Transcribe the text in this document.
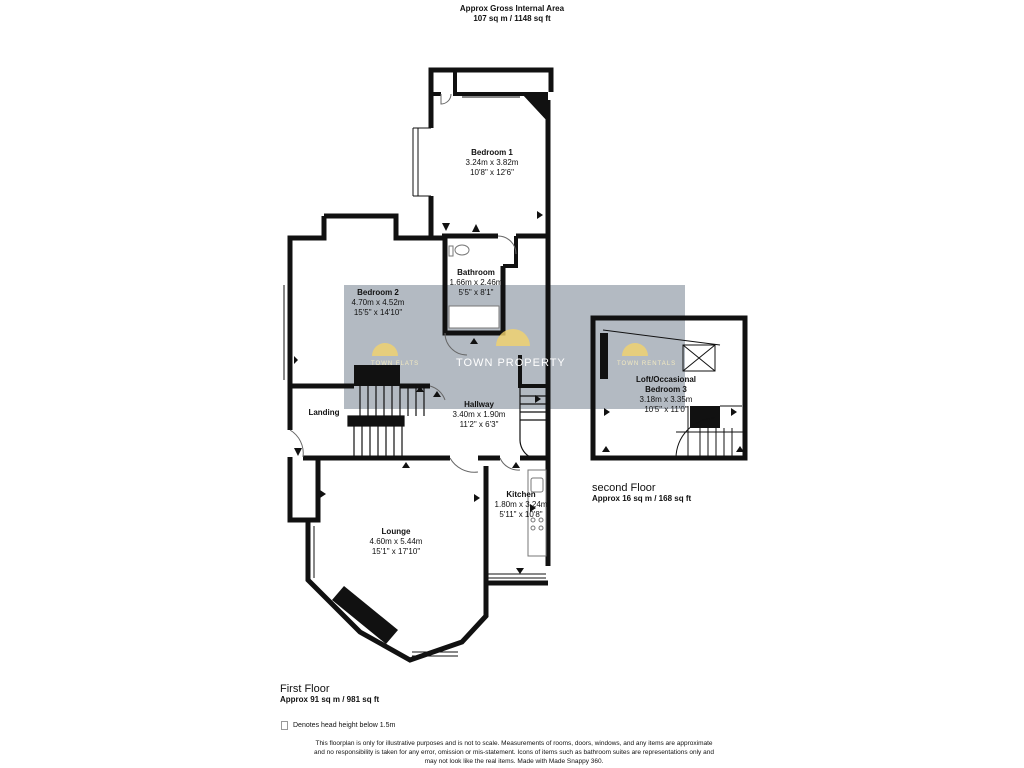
Approx Gross Internal Area
107 sq m / 1148 sq ft
TOWN PROPERTY
TOWN FLATS	TOWN RENTALS
Bedroom 1
3.24m x 3.82m
10'8" x 12'6"
Bedroom 2
4.70m x 4.52m
15'5" x 14'10"
Bathroom
1.66m x 2.46m
5'5" x 8'1"
Hallway
3.40m x 1.90m
11'2" x 6'3"
Landing
Kitchen
1.80m x 3.24m
5'11" x 10'8"
Lounge
4.60m x 5.44m
15'1" x 17'10"
Loft/Occasional
Bedroom 3
3.18m x 3.35m
10'5" x 11'0"
second Floor
Approx 16 sq m / 168 sq ft
First Floor
Approx 91 sq m / 981 sq ft
Denotes head height below 1.5m
This floorplan is only for illustrative purposes and is not to scale. Measurements of rooms, doors, windows, and any items are approximate
and no responsibility is taken for any error, omission or mis-statement. Icons of items such as bathroom suites are representations only and
may not look like the real items. Made with Made Snappy 360.
